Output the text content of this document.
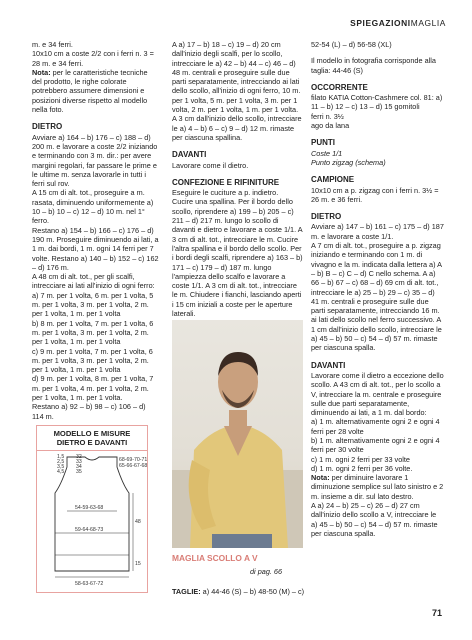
SPIEGAZIONIMAGLIA

m. e 34 ferri.

10x10 cm a coste 2/2 con i ferri n. 3 = 28 m. e 34 ferri.

Nota: per le caratteristiche tecniche del prodotto, le righe colorate potrebbero assumere dimensioni e posizioni diverse rispetto al modello nella foto.

DIETRO

Avviare a) 164 – b) 176 – c) 188 – d) 200 m. e lavorare a coste 2/2 iniziando e terminando con 3 m. dir.: per avere margini regolari, far passare le prime e le ultime m. senza lavorarle in tutti i ferri sul rov.

A 15 cm di alt. tot., proseguire a m. rasata, diminuendo uniformemente a) 10 – b) 10 – c) 12 – d) 10 m. nel 1° ferro.

Restano a) 154 – b) 166 – c) 176 – d) 190 m. Proseguire diminuendo ai lati, a 1 m. dai bordi, 1 m. ogni 14 ferri per 7 volte. Restano a) 140 – b) 152 – c) 162 – d) 176 m.

A 48 cm di alt. tot., per gli scalfi, intrecciare ai lati all'inizio di ogni ferro:

a) 7 m. per 1 volta, 6 m. per 1 volta, 5 m. per 1 volta, 3 m. per 1 volta, 2 m. per 1 volta, 1 m. per 1 volta

b) 8 m. per 1 volta, 7 m. per 1 volta, 6 m. per 1 volta, 3 m. per 1 volta, 2 m. per 1 volta, 1 m. per 1 volta

c) 9 m. per 1 volta, 7 m. per 1 volta, 6 m. per 1 volta, 3 m. per 1 volta, 2 m. per 1 volta, 1 m. per 1 volta

d) 9 m. per 1 volta, 8 m. per 1 volta, 7 m. per 1 volta, 4 m. per 1 volta, 2 m. per 1 volta, 1 m. per 1 volta.

Restano a) 92 – b) 98 – c) 106 – d) 114 m.

A a) 17 – b) 18 – c) 19 – d) 20 cm dall'inizio degli scalfi, per lo scollo, intrecciare le a) 42 – b) 44 – c) 46 – d) 48 m. centrali e proseguire sulle due parti separatamente, intrecciando ai lati dello scollo, all'inizio di ogni ferro, 10 m. per 1 volta, 5 m. per 1 volta, 3 m. per 1 volta, 2 m. per 1 volta, 1 m. per 1 volta.

A 3 cm dall'inizio dello scollo, intrecciare le a) 4 – b) 6 – c) 9 – d) 12 m. rimaste per ciascuna spallina.

DAVANTI

Lavorare come il dietro.

CONFEZIONE E RIFINITURE

Eseguire le cuciture a p. indietro.

Cucire una spallina. Per il bordo dello scollo, riprendere a) 199 – b) 205 – c) 211 – d) 217 m. lungo lo scollo di davanti e dietro e lavorare a coste 1/1. A 3 cm di alt. tot., intrecciare le m. Cucire l'altra spallina e il bordo dello scollo. Per i bordi degli scalfi, riprendere a) 163 – b) 171 – c) 179 – d) 187 m. lungo l'ampiezza dello scalfo e lavorare a coste 1/1. A 3 cm di alt. tot., intrecciare le m. Chiudere i fianchi, lasciando aperti i 15 cm iniziali a coste per le aperture laterali.

52-54 (L) – d) 56-58 (XL)

Il modello in fotografia corrisponde alla taglia: 44-46 (S)

OCCORRENTE

filato KATIA Cotton-Cashmere col. 81: a) 11 – b) 12 – c) 13 – d) 15 gomitoli

ferri n. 3½

ago da lana

PUNTI

Coste 1/1

Punto zigzag (schema)

CAMPIONE

10x10 cm a p. zigzag con i ferri n. 3½ = 26 m. e 36 ferri.

DIETRO

Avviare a) 147 – b) 161 – c) 175 – d) 187 m. e lavorare a coste 1/1.

A 7 cm di alt. tot., proseguire a p. zigzag iniziando e terminando con 1 m. di vivagno e la m. indicata dalla lettera a) A – b) B – c) C – d) C nello schema. A a) 66 – b) 67 – c) 68 – d) 69 cm di alt. tot., intrecciare le a) 25 – b) 29 – c) 35 – d) 41 m. centrali e proseguire sulle due parti separatamente, intrecciando 16 m. ai lati dello scollo nel ferro successivo. A 1 cm dall'inizio dello scollo, intrecciare le a) 45 – b) 50 – c) 54 – d) 57 m. rimaste per ciascuna spalla.

DAVANTI

Lavorare come il dietro a eccezione dello scollo. A 43 cm di alt. tot., per lo scollo a V, intrecciare la m. centrale e proseguire sulle due parti separatamente, diminuendo ai lati, a 1 m. dal bordo:

a) 1 m. alternativamente ogni 2 e ogni 4 ferri per 28 volte

b) 1 m. alternativamente ogni 2 e ogni 4 ferri per 30 volte

c) 1 m. ogni 2 ferri per 33 volte

d) 1 m. ogni 2 ferri per 36 volte.

Nota: per diminuire lavorare 1 diminuzione semplice sul lato sinistro e 2 m. insieme a dir. sul lato destro.

A a) 24 – b) 25 – c) 26 – d) 27 cm dall'inizio dello scollo a V, intrecciare le a) 45 – b) 50 – c) 54 – d) 57 m. rimaste per ciascuna spalla.

MODELLO E MISURE
DIETRO E DAVANTI
1,5
2,5
3,5
4,5
32
33
34
35
68-69-70-71
65-66-67-68
54-59-63-68
59-64-68-73
58-63-67-72
48
15
MAGLIA SCOLLO A V
di pag. 66
TAGLIE: a) 44-46 (S) – b) 48-50 (M) – c)
71
